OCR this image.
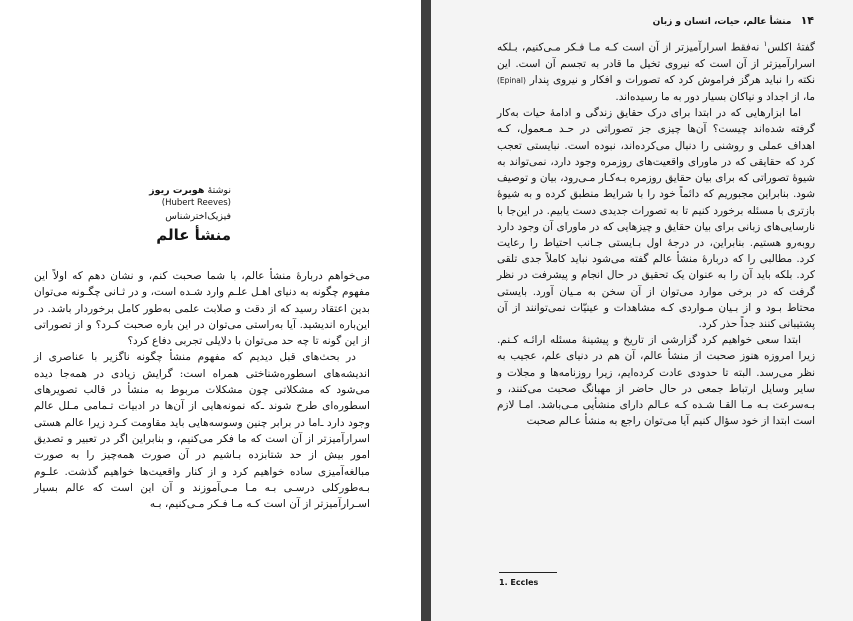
نوشتهٔ هوبرت ریوز
(Hubert Reeves)
فیزیک‌اخترشناس
منشأ عالم

می‌خواهم دربارهٔ منشأ عالم، با شما صحبت کنم، و نشان دهم که اولاً این مفهوم چگونه به دنیای اهـل علـم وارد شـده است، و در ثـانی چگـونه می‌توان بدین اعتقاد رسید که از دقت و صلابت علمی به‌طور کامل برخوردار باشد. در این‌باره اندیشید. آیا به‌راستی می‌توان در این باره صحبت کـرد؟ و از تصوراتی از این گونه تا چه حد می‌توان با دلایلی تجربی دفاع کرد؟

در بحث‌های قبل دیدیم که مفهوم منشأ چگونه ناگزیر با عناصری از اندیشه‌های اسطوره‌شناختی همراه است: گرایش زیادی در همه‌جا دیده می‌شود که مشکلاتی چون مشکلات مربوط به منشأ در قالب تصویرهای اسطوره‌ای طرح شوند ـ‌که نمونه‌هایی از آن‌ها در ادبیات تـمامی مـلل عالم وجود دارد ـ‌اما در برابر چنین وسوسه‌هایی باید مقاومت کـرد زیرا عالم هستی اسرارآمیزتر از آن است که ما فکر می‌کنیم، و بنابراین اگر در تعبیر و تصدیق امور بیش از حد شتابزده بـاشیم در آن صورت همه‌چیز را به صورت مبالغه‌آمیزی ساده خواهیم کرد و از کنار واقعیت‌ها خواهیم گذشت. علـوم بـه‌طورکلی درسـی بـه مـا مـی‌آموزند و آن این است که عالم بسیار اسـرارآمیزتر از آن است کـه مـا فـکر مـی‌کنیم، بـه

۱۴ منشأ عالم، حیات، انسان و زبان

گفتهٔ اکلس$^۱$ نه‌فقط اسرارآمیزتر از آن است کـه مـا فـکر مـی‌کنیم، بـلکه اسرارآمیزتر از آن است که نیروی تخیل ما قادر به تجسم آن است. این نکته را نباید هرگز فراموش کرد که تصورات و افکار و نیروی پندار (Epinal) ما، از اجداد و نیاکان بسیار دور به ما رسیده‌اند.

اما ابزارهایی که در ابتدا برای درک حقایق زندگی و ادامهٔ حیات به‌کار گرفته شده‌اند چیست؟ آن‌ها چیزی جز تصوراتی در حـد مـعمول، کـه اهداف عملی و روشنی را دنبال می‌کرده‌اند، نبوده است. نبایستی تعجب کرد که حقایقی که در ماورای واقعیت‌های روزمره وجود دارد، نمی‌تواند به شیوهٔ تصوراتی که برای بیان حقایق روزمره بـه‌کـار مـی‌رود، بیان و توصیف شود. بنابراین مجبوریم که دائماً خود را با شرایط منطبق کرده و به شیوهٔ بازتری با مسئله برخورد کنیم تا به تصورات جدیدی دست یابیم. در این‌جا با نارسایی‌های زبانی برای بیان حقایق و چیزهایی که در ماورای آن وجود دارد روبه‌رو هستیم. بنابراین، در درجهٔ اول بـایستی جـانب احتیاط را رعایت کرد. مطالبی را که دربارهٔ منشأ عالم گفته می‌شود نباید کاملاً جدی تلقی کرد. بلکه باید آن را به عنوان یک تحقیق در حال انجام و پیشرفت در نظر گرفت که در برخی موارد می‌توان از آن سخن به مـیان آورد. بایستی محتاط بـود و از بـیان مـواردی کـه مشاهدات و عینیّات نمی‌توانند از آن پشتیبانی کنند جداً حذر کرد.

ابتدا سعی خواهیم کرد گزارشی از تاریخ و پیشینهٔ مسئله ارائـه کـنم. زیرا امروزه هنوز صحبت از منشأ عالم، آن هم در دنیای علم، عجیب به نظر می‌رسد. البته تا حدودی عادت کرده‌ایم، زیرا روزنامه‌ها و مجلات و سایر وسایل ارتباط جمعی در حال حاضر از مهبانگ صحبت می‌کنند، و بـه‌سرعت بـه مـا القـا شـده کـه عـالم دارای منشأیی مـی‌باشد. امـا لازم است ابتدا از خود سؤال کنیم آیا می‌توان راجع به منشأ عـالم صحبت

1. Eccles
